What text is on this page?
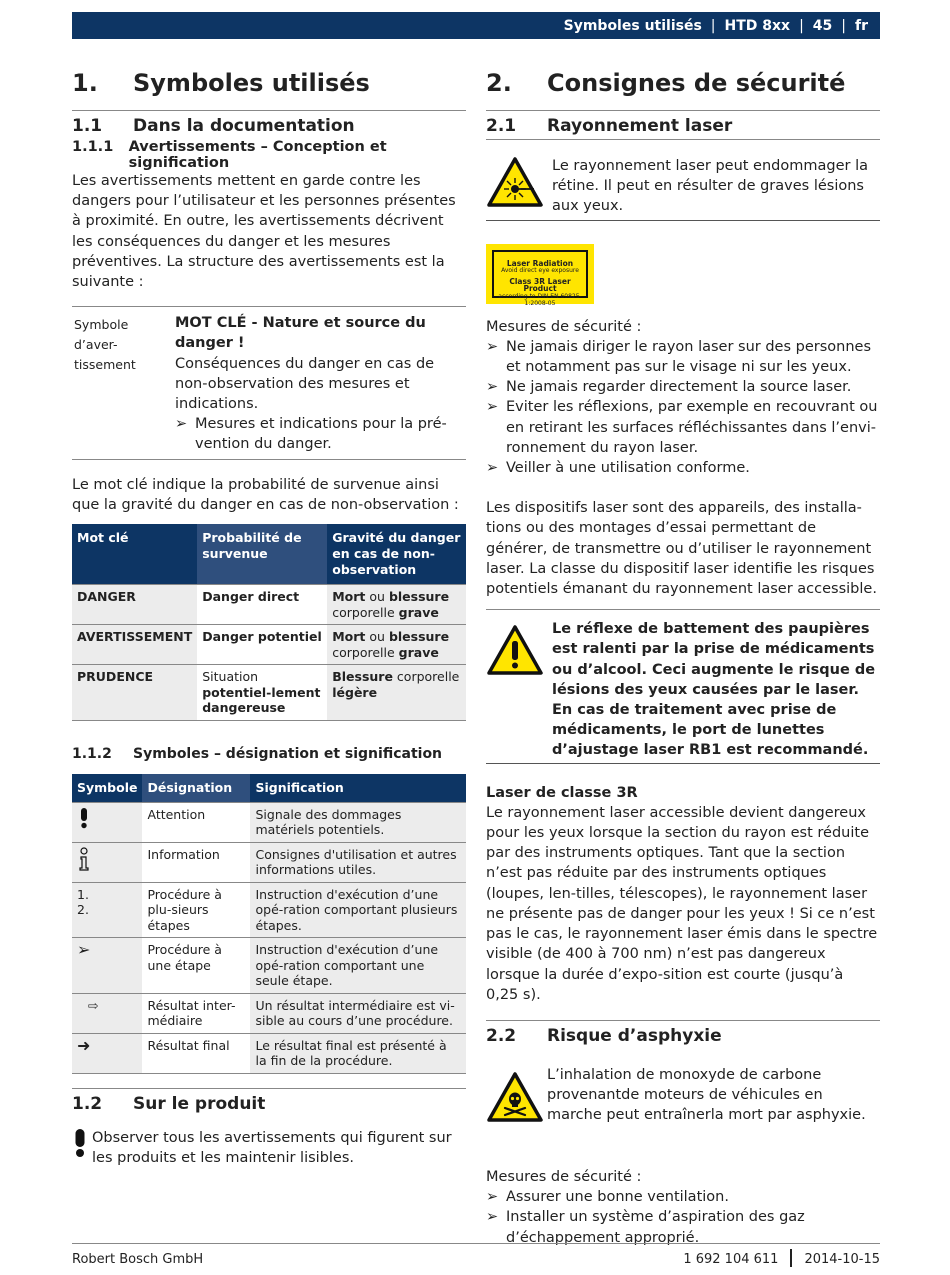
Symboles utilisés | HTD 8xx | 45 | fr
1.	Symboles utilisés
1.1	Dans la documentation
1.1.1	Avertissements – Conception et signification

Les avertissements mettent en garde contre les dangers pour l’utilisateur et les personnes présentes à proximité. En outre, les avertissements décrivent les conséquences du danger et les mesures préventives. La structure des avertissements est la suivante :

Symbole d’aver-tissement
MOT CLÉ - Nature et source du danger !
Conséquences du danger en cas de non-observation des mesures et indications.
➢ Mesures et indications pour la pré-vention du danger.

Le mot clé indique la probabilité de survenue ainsi que la gravité du danger en cas de non-observation :

Mot clé	Probabilité de survenue	Gravité du danger en cas de non-observation
DANGER	Danger direct	Mort ou blessure corporelle grave
AVERTISSEMENT	Danger potentiel	Mort ou blessure corporelle grave
PRUDENCE	Situation potentiel-lement dangereuse	Blessure corporelle légère
1.1.2	Symboles – désignation et signification
Symbole	Désignation	Signification
	Attention	Signale des dommages matériels potentiels.
	Information	Consignes d'utilisation et autres informations utiles.
1.
2.	Procédure à plu-sieurs étapes	Instruction d'exécution d’une opé-ration comportant plusieurs étapes.
➢	Procédure à une étape	Instruction d'exécution d’une opé-ration comportant une seule étape.
⇨	Résultat inter-médiaire	Un résultat intermédiaire est vi-sible au cours d’une procédure.
➜	Résultat final	Le résultat final est présenté à la fin de la procédure.
1.2	Sur le produit

Observer tous les avertissements qui figurent sur les produits et les maintenir lisibles.

2.	Consignes de sécurité
2.1	Rayonnement laser

Le rayonnement laser peut endommager la rétine. Il peut en résulter de graves lésions aux yeux.

Laser Radiation
Avoid direct eye exposure
Class 3R Laser Product
according to DIN EN 60825-1:2008-05

Mesures de sécurité :

➢ Ne jamais diriger le rayon laser sur des personnes et notamment pas sur le visage ni sur les yeux.
➢ Ne jamais regarder directement la source laser.
➢ Eviter les réflexions, par exemple en recouvrant ou en retirant les surfaces réfléchissantes dans l’envi-ronnement du rayon laser.
➢ Veiller à une utilisation conforme.

Les dispositifs laser sont des appareils, des installa-tions ou des montages d’essai permettant de générer, de transmettre ou d’utiliser le rayonnement laser. La classe du dispositif laser identifie les risques potentiels émanant du rayonnement laser accessible.

Le réflexe de battement des paupières est ralenti par la prise de médicaments ou d’alcool. Ceci augmente le risque de lésions des yeux causées par le laser. En cas de traitement avec prise de médicaments, le port de lunettes d’ajustage laser RB1 est recommandé.

Laser de classe 3R

Le rayonnement laser accessible devient dangereux pour les yeux lorsque la section du rayon est réduite par des instruments optiques. Tant que la section n’est pas réduite par des instruments optiques (loupes, len-tilles, télescopes), le rayonnement laser ne présente pas de danger pour les yeux ! Si ce n’est pas le cas, le rayonnement laser émis dans le spectre visible (de 400 à 700 nm) n’est pas dangereux lorsque la durée d’expo-sition est courte (jusqu’à 0,25 s).

2.2	Risque d’asphyxie

L’inhalation de monoxyde de carbone provenantde moteurs de véhicules en marche peut entraînerla mort par asphyxie.

Mesures de sécurité :

➢ Assurer une bonne ventilation.
➢ Installer un système d’aspiration des gaz d’échappement approprié.
Robert Bosch GmbH	1 692 104 611 2014-10-15
